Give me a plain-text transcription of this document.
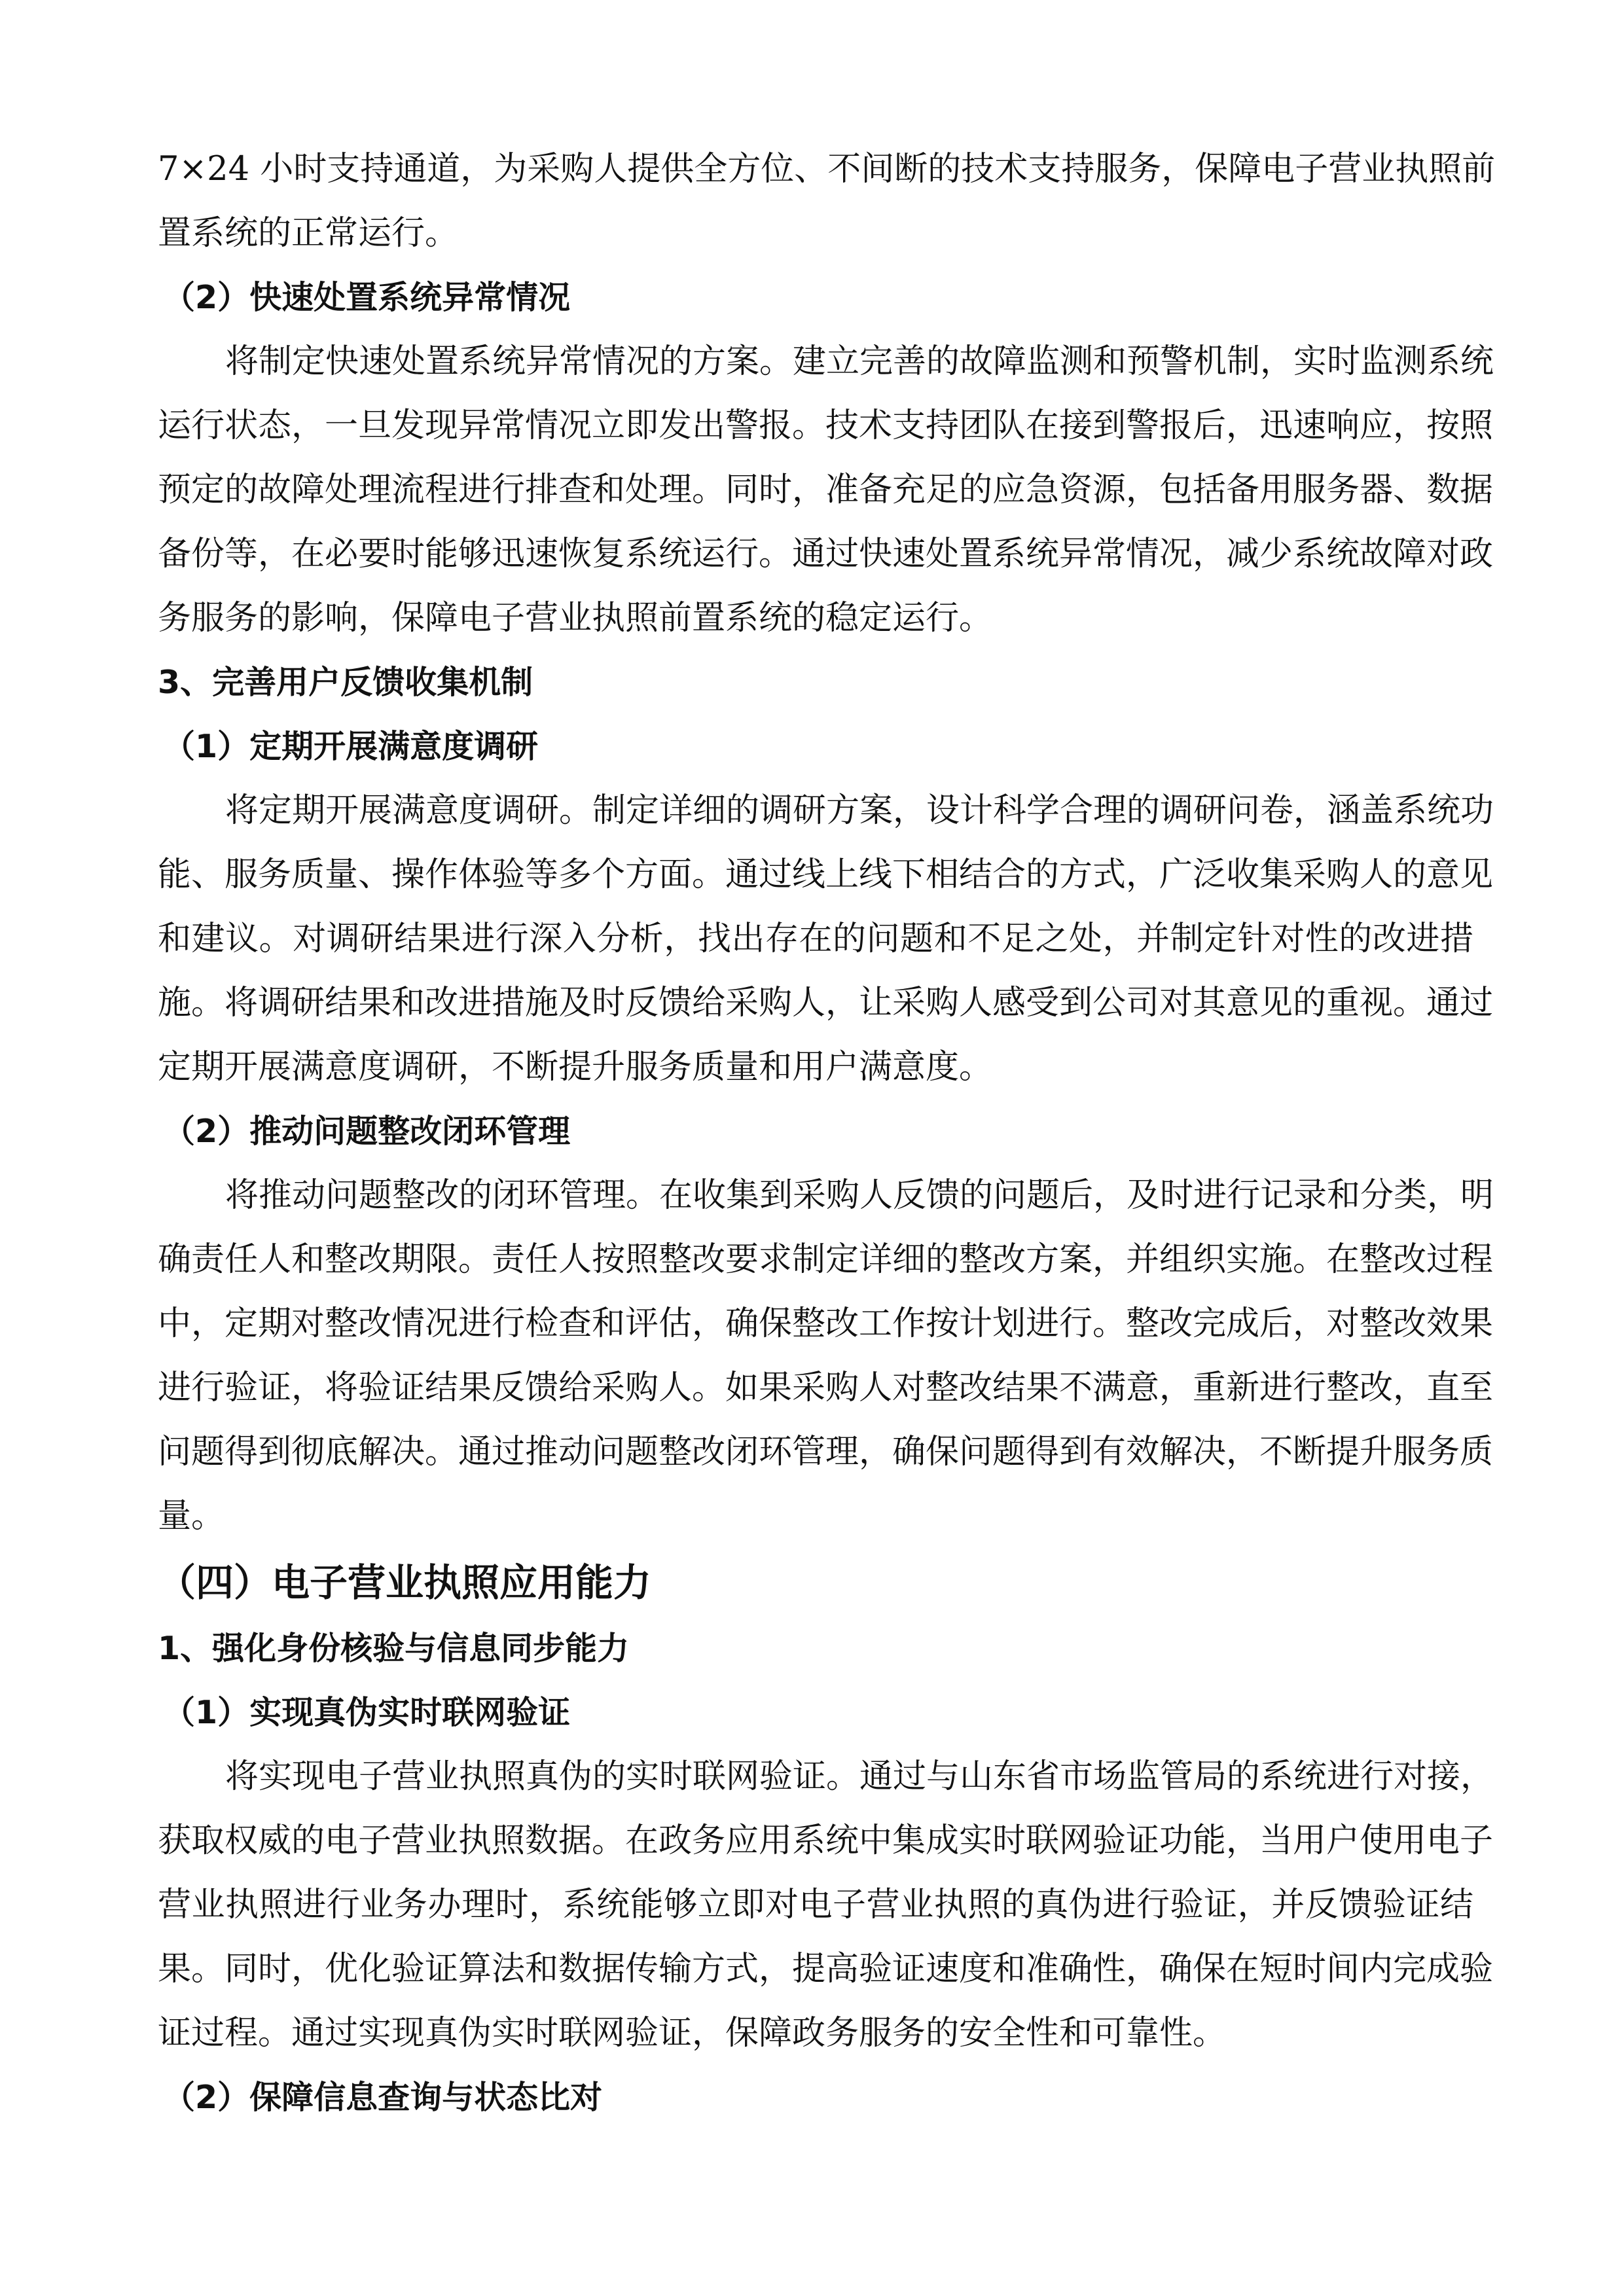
7×24 小时支持通道，为采购人提供全方位、不间断的技术支持服务，保障电子营业执照前
置系统的正常运行。
（2）快速处置系统异常情况
将制定快速处置系统异常情况的方案。建立完善的故障监测和预警机制，实时监测系统
运行状态，一旦发现异常情况立即发出警报。技术支持团队在接到警报后，迅速响应，按照
预定的故障处理流程进行排查和处理。同时，准备充足的应急资源，包括备用服务器、数据
备份等，在必要时能够迅速恢复系统运行。通过快速处置系统异常情况，减少系统故障对政
务服务的影响，保障电子营业执照前置系统的稳定运行。
3、完善用户反馈收集机制
（1）定期开展满意度调研
将定期开展满意度调研。制定详细的调研方案，设计科学合理的调研问卷，涵盖系统功
能、服务质量、操作体验等多个方面。通过线上线下相结合的方式，广泛收集采购人的意见
和建议。对调研结果进行深入分析，找出存在的问题和不足之处，并制定针对性的改进措
施。将调研结果和改进措施及时反馈给采购人，让采购人感受到公司对其意见的重视。通过
定期开展满意度调研，不断提升服务质量和用户满意度。
（2）推动问题整改闭环管理
将推动问题整改的闭环管理。在收集到采购人反馈的问题后，及时进行记录和分类，明
确责任人和整改期限。责任人按照整改要求制定详细的整改方案，并组织实施。在整改过程
中，定期对整改情况进行检查和评估，确保整改工作按计划进行。整改完成后，对整改效果
进行验证，将验证结果反馈给采购人。如果采购人对整改结果不满意，重新进行整改，直至
问题得到彻底解决。通过推动问题整改闭环管理，确保问题得到有效解决，不断提升服务质
量。
（四）电子营业执照应用能力
1、强化身份核验与信息同步能力
（1）实现真伪实时联网验证
将实现电子营业执照真伪的实时联网验证。通过与山东省市场监管局的系统进行对接，
获取权威的电子营业执照数据。在政务应用系统中集成实时联网验证功能，当用户使用电子
营业执照进行业务办理时，系统能够立即对电子营业执照的真伪进行验证，并反馈验证结
果。同时，优化验证算法和数据传输方式，提高验证速度和准确性，确保在短时间内完成验
证过程。通过实现真伪实时联网验证，保障政务服务的安全性和可靠性。
（2）保障信息查询与状态比对
